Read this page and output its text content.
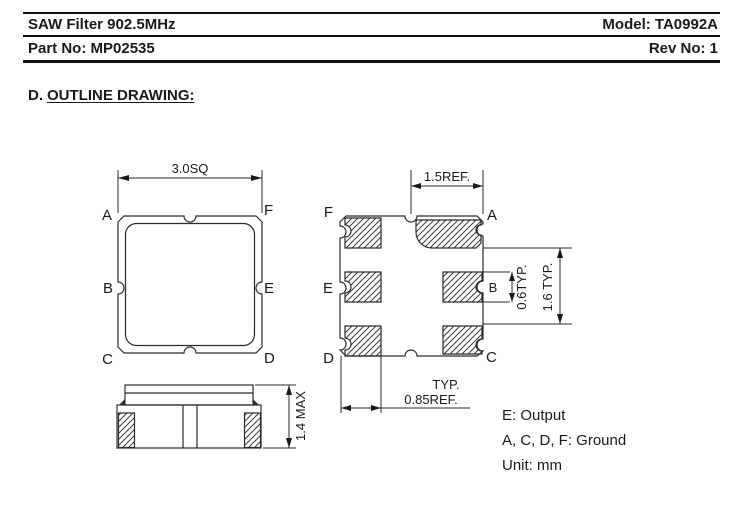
SAW Filter 902.5MHz	Model: TA0992A
Part No: MP02535	Rev No: 1
D. OUTLINE DRAWING:
3.0SQ
A	F
B	E
C	D
1.5REF.
0.6TYP. 1.6 TYP.
TYP.
0.85REF.
F	A
E	B
D	C
1.4 MAX	E: Output
A, C, D, F: Ground
Unit: mm
